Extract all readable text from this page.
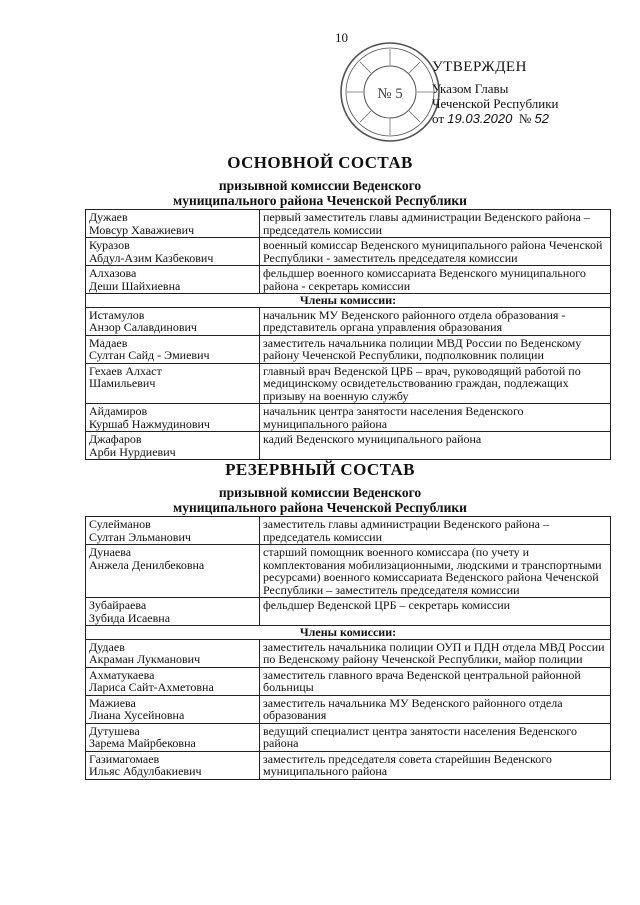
10
№ 5
УТВЕРЖДЕН
Указом Главы
Чеченской Республики
от 19.03.2020 № 52
ОСНОВНОЙ СОСТАВ
призывной комиссии Веденского
муниципального района Чеченской Республики
Дужаев
Мовсур Хаважиевич	первый заместитель главы администрации Веденского района – председатель комиссии

Куразов
Абдул-Азим Казбекович	военный комиссар Веденского муниципального района Чеченской Республики - заместитель председателя комиссии

Алхазова
Деши Шайхиевна	фельдшер военного комиссариата Веденского муниципального района - секретарь комиссии
Члены комиссии:	

Истамулов
Анзор Салавдинович	начальник МУ Веденского районного отдела образования - представитель органа управления образования

Мадаев
Султан Сайд - Эмиевич	заместитель начальника полиции МВД России по Веденскому району Чеченской Республики, подполковник полиции

Гехаев Алхаст
Шамильевич	главный врач Веденской ЦРБ – врач, руководящий работой по медицинскому освидетельствованию граждан, подлежащих призыву на военную службу

Айдамиров
Куршаб Нажмудинович	начальник центра занятости населения Веденского муниципального района

Джафаров
Арби Нурдиевич	кадий Веденского муниципального района
РЕЗЕРВНЫЙ СОСТАВ
призывной комиссии Веденского
муниципального района Чеченской Республики
Сулейманов
Султан Эльманович	заместитель главы администрации Веденского района – председатель комиссии

Дунаева
Анжела Денилбековна	старший помощник военного комиссара (по учету и комплектования мобилизационными, людскими и транспортными ресурсами) военного комиссариата Веденского района Чеченской Республики – заместитель председателя комиссии

Зубайраева
Зубида Исаевна	фельдшер Веденской ЦРБ – секретарь комиссии
Члены комиссии:	

Дудаев
Акраман Лукманович	заместитель начальника полиции ОУП и ПДН отдела МВД России по Веденскому району Чеченской Республики, майор полиции

Ахматукаева
Лариса Сайт-Ахметовна	заместитель главного врача Веденской центральной районной больницы

Мажиева
Лиана Хусейновна	заместитель начальника МУ Веденского районного отдела образования

Дутушева
Зарема Майрбековна	ведущий специалист центра занятости населения Веденского района

Газимагомаев
Ильяс Абдулбакиевич	заместитель председателя совета старейшин Веденского муниципального района
